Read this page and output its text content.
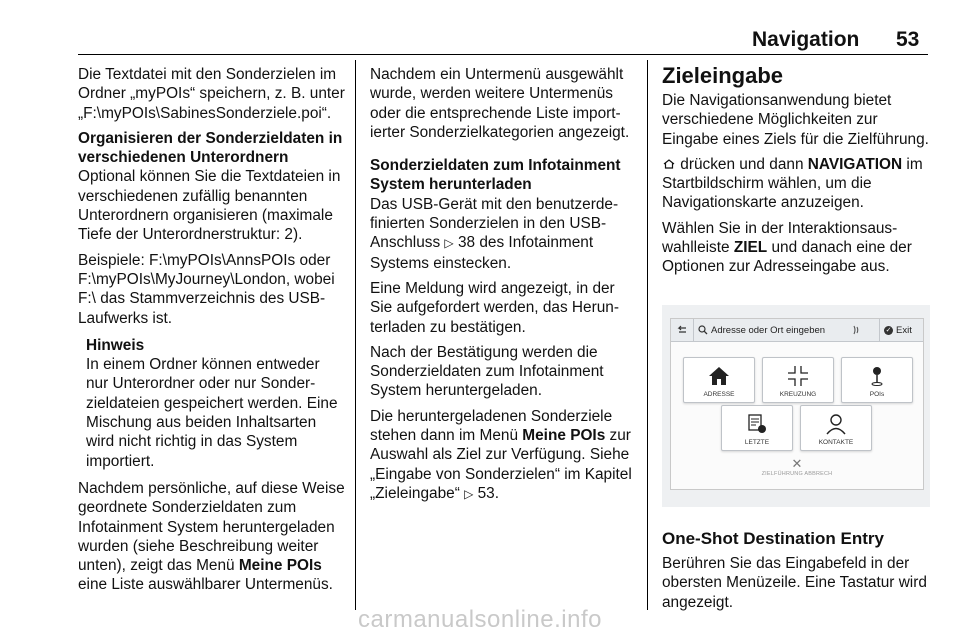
Navigation 53

Die Textdatei mit den Sonderzielen im Ordner „myPOIs“ speichern, z. B. unter „F:\myPOIs\SabinesSonderziele.poi“.

Organisieren der Sonderzieldaten in verschiedenen Unterordnern

Optional können Sie die Textdateien in verschiedenen zufällig benannten Unterordnern organisieren (maximale Tiefe der Unterordnerstruktur: 2).

Beispiele: F:\myPOIs\AnnsPOIs oder F:\myPOIs\MyJourney\London, wobei F:\ das Stammverzeichnis des USB-Laufwerks ist.

Hinweis

In einem Ordner können entweder nur Unterordner oder nur Sonderzieldateien gespeichert werden. Eine Mischung aus beiden Inhaltsarten wird nicht richtig in das System importiert.

Nachdem persönliche, auf diese Weise geordnete Sonderzieldaten zum Infotainment System heruntergeladen wurden (siehe Beschreibung weiter unten), zeigt das Menü Meine POIs eine Liste auswählbarer Untermenüs.

Nachdem ein Untermenü ausgewählt wurde, werden weitere Untermenüs oder die entsprechende Liste importierter Sonderzielkategorien angezeigt.

Sonderzieldaten zum Infotainment System herunterladen

Das USB-Gerät mit den benutzerdefinierten Sonderzielen in den USB-Anschluss ▷ 38 des Infotainment Systems einstecken.

Eine Meldung wird angezeigt, in der Sie aufgefordert werden, das Herunterladen zu bestätigen.

Nach der Bestätigung werden die Sonderzieldaten zum Infotainment System heruntergeladen.

Die heruntergeladenen Sonderziele stehen dann im Menü Meine POIs zur Auswahl als Ziel zur Verfügung. Siehe „Eingabe von Sonderzielen“ im Kapitel „Zieleingabe“ ▷ 53.

Zieleingabe

Die Navigationsanwendung bietet verschiedene Möglichkeiten zur Eingabe eines Ziels für die Zielführung.

drücken und dann NAVIGATION im Startbildschirm wählen, um die Navigationskarte anzuzeigen.

Wählen Sie in der Interaktionsauswahlleiste ZIEL und danach eine der Optionen zur Adresseingabe aus.

Adresse oder Ort eingeben	✓ Exit
ADRESSE	KREUZUNG	POIs
LETZTE	KONTAKTE
✕
ZIELFÜHRUNG ABBRECH
One-Shot Destination Entry

Berühren Sie das Eingabefeld in der obersten Menüzeile. Eine Tastatur wird angezeigt.

carmanualsonline.info
